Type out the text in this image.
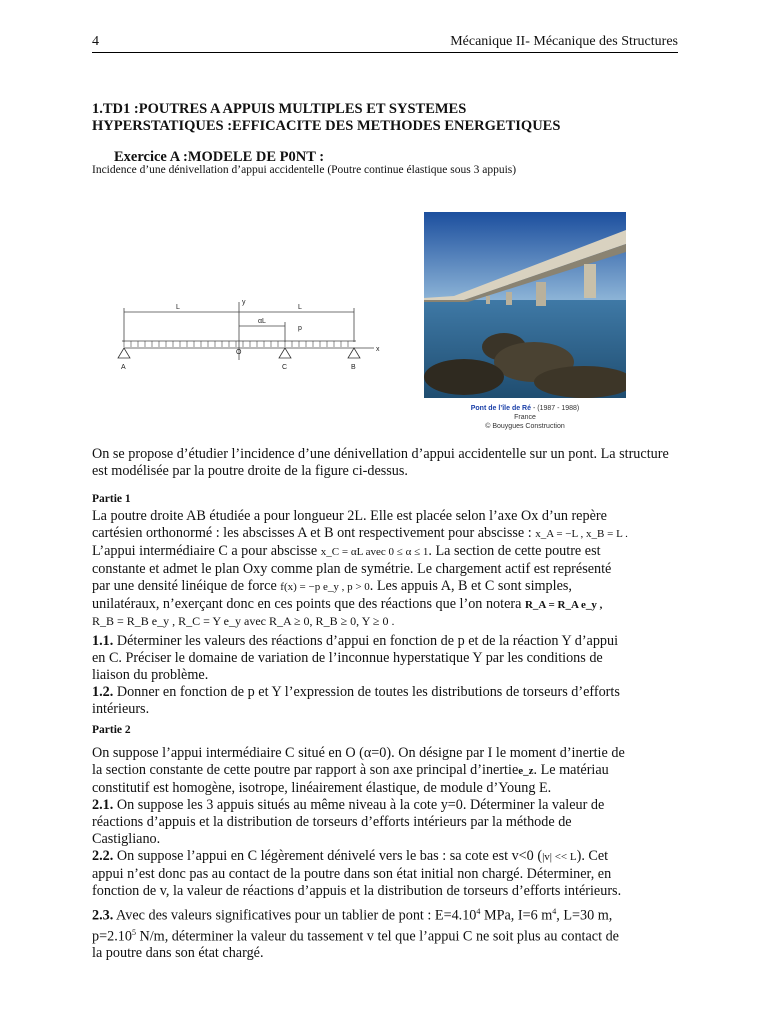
4	Mécanique II- Mécanique des Structures
1.TD1 :POUTRES A APPUIS MULTIPLES ET SYSTEMES
HYPERSTATIQUES :EFFICACITE DES METHODES ENERGETIQUES
Exercice A :MODELE DE P0NT :
Incidence d’une dénivellation d’appui accidentelle (Poutre continue élastique sous 3 appuis)
L	L
αL
p
y
x
A
O
C	B
Pont de l’île de Ré - (1987 - 1988)
France
© Bouygues Construction
On se propose d’étudier l’incidence d’une dénivellation d’appui accidentelle sur un pont. La structure est modélisée par la poutre droite de la figure ci-dessus.
Partie 1
La poutre droite AB étudiée a pour longueur 2L. Elle est placée selon l’axe Ox d’un repère
cartésien orthonormé : les abscisses A et B ont respectivement pour abscisse : x_A = −L , x_B = L .
L’appui intermédiaire C a pour abscisse x_C = αL avec 0 ≤ α ≤ 1. La section de cette poutre est
constante et admet le plan Oxy comme plan de symétrie. Le chargement actif est représenté
par une densité linéique de force f(x) = −p e_y , p > 0. Les appuis A, B et C sont simples,
unilatéraux, n’exerçant donc en ces points que des réactions que l’on notera R_A = R_A e_y ,
R_B = R_B e_y , R_C = Y e_y avec R_A ≥ 0, R_B ≥ 0, Y ≥ 0 .
1.1. Déterminer les valeurs des réactions d’appui en fonction de p et de la réaction Y d’appui
en C. Préciser le domaine de variation de l’inconnue hyperstatique Y par les conditions de
liaison du problème.
1.2. Donner en fonction de p et Y l’expression de toutes les distributions de torseurs d’efforts
intérieurs.
Partie 2
On suppose l’appui intermédiaire C situé en O (α=0). On désigne par I le moment d’inertie de
la section constante de cette poutre par rapport à son axe principal d’inertiee_z. Le matériau
constitutif est homogène, isotrope, linéairement élastique, de module d’Young E.
2.1. On suppose les 3 appuis situés au même niveau à la cote y=0. Déterminer la valeur de
réactions d’appuis et la distribution de torseurs d’efforts intérieurs par la méthode de
Castigliano.
2.2. On suppose l’appui en C légèrement dénivelé vers le bas : sa cote est v<0 (|v| << L). Cet
appui n’est donc pas au contact de la poutre dans son état initial non chargé. Déterminer, en
fonction de v, la valeur de réactions d’appuis et la distribution de torseurs d’efforts intérieurs.
2.3. Avec des valeurs significatives pour un tablier de pont : $E=4.10^4$ MPa, I=6 $m^4$, L=30 m,
$p=2.10^5$ N/m, déterminer la valeur du tassement v tel que l’appui C ne soit plus au contact de
la poutre dans son état chargé.
